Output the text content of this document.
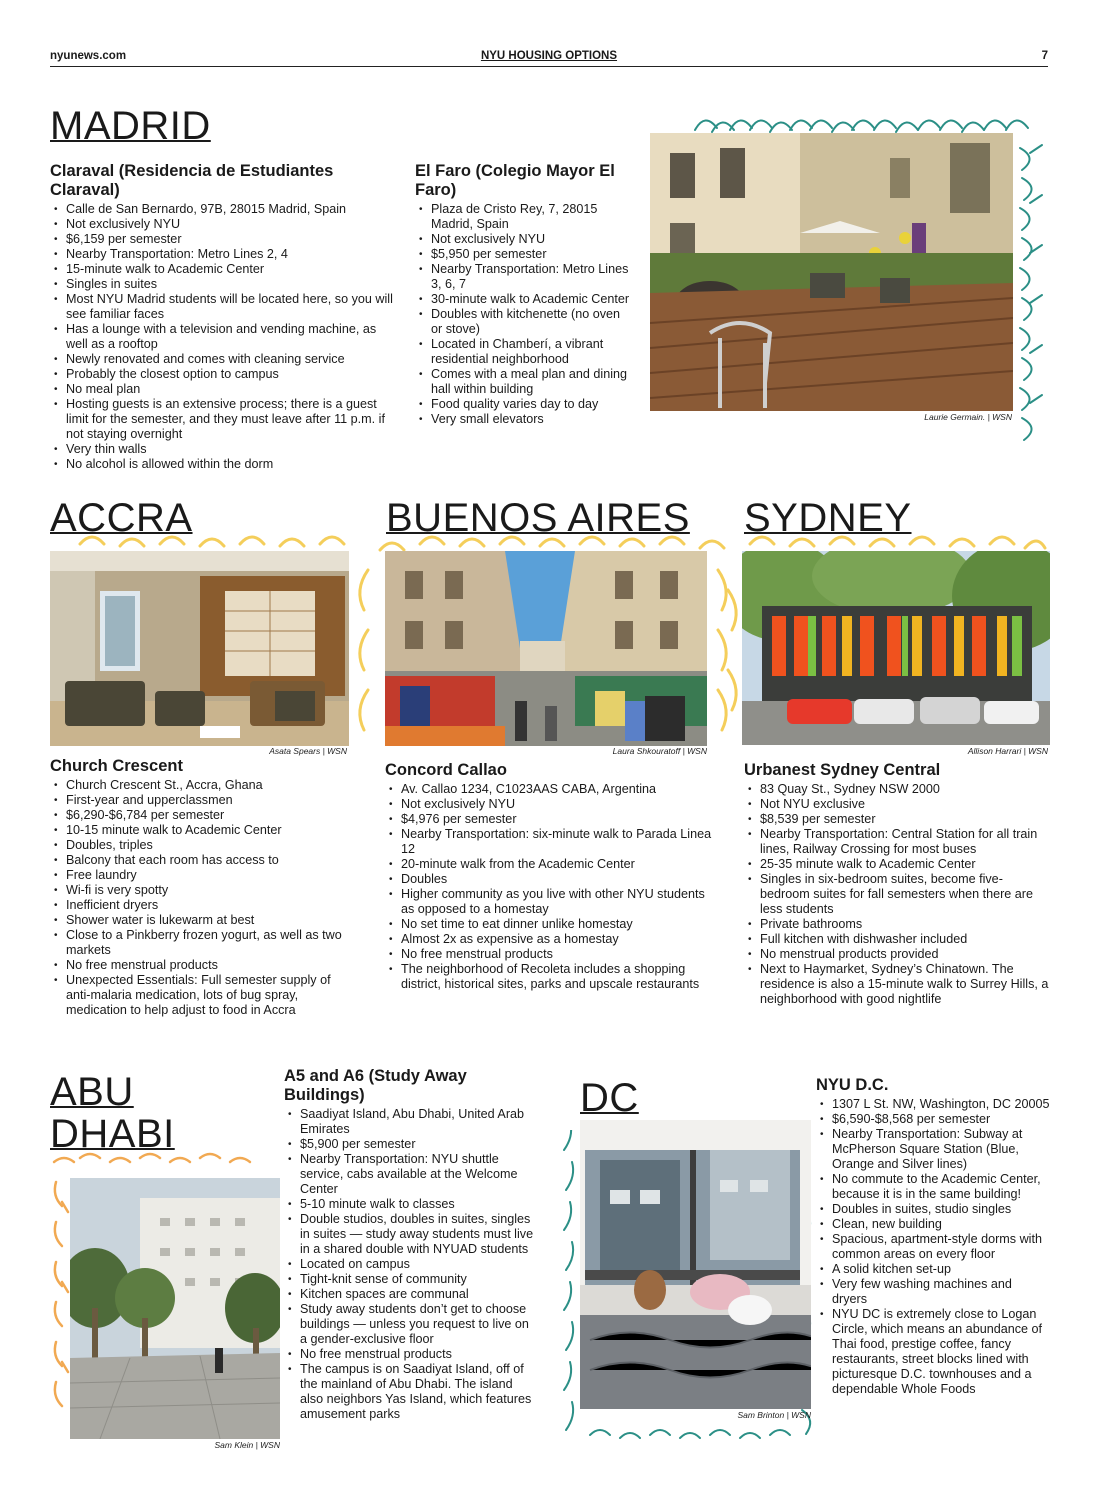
nyunews.com	NYU HOUSING OPTIONS	7
MADRID
Claraval (Residencia de Estudiantes Claraval)
• Calle de San Bernardo, 97B, 28015 Madrid, Spain
• Not exclusively NYU
• $6,159 per semester
• Nearby Transportation: Metro Lines 2, 4
• 15-minute walk to Academic Center
• Singles in suites
• Most NYU Madrid students will be located here, so you will see familiar faces
• Has a lounge with a television and vending machine, as well as a rooftop
• Newly renovated and comes with cleaning service
• Probably the closest option to campus
• No meal plan
• Hosting guests is an extensive process; there is a guest limit for the semester, and they must leave after 11 p.m. if not staying overnight
• Very thin walls
• No alcohol is allowed within the dorm
El Faro (Colegio Mayor El Faro)
• Plaza de Cristo Rey, 7, 28015 Madrid, Spain
• Not exclusively NYU
• $5,950 per semester
• Nearby Transportation: Metro Lines 3, 6, 7
• 30-minute walk to Academic Center
• Doubles with kitchenette (no oven or stove)
• Located in Chamberí, a vibrant residential neighborhood
• Comes with a meal plan and dining hall within building
• Food quality varies day to day
• Very small elevators	Laurie Germain. | WSN
ACCRA
Asata Spears | WSN
Church Crescent
• Church Crescent St., Accra, Ghana
• First-year and upperclassmen
• $6,290-$6,784 per semester
• 10-15 minute walk to Academic Center
• Doubles, triples
• Balcony that each room has access to
• Free laundry
• Wi-fi is very spotty
• Inefficient dryers
• Shower water is lukewarm at best
• Close to a Pinkberry frozen yogurt, as well as two markets
• No free menstrual products
• Unexpected Essentials: Full semester supply of anti-malaria medication, lots of bug spray, medication to help adjust to food in Accra
BUENOS AIRES
Laura Shkouratoff | WSN
Concord Callao
• Av. Callao 1234, C1023AAS CABA, Argentina
• Not exclusively NYU
• $4,976 per semester
• Nearby Transportation: six-minute walk to Parada Linea 12
• 20-minute walk from the Academic Center
• Doubles
• Higher community as you live with other NYU students as opposed to a homestay
• No set time to eat dinner unlike homestay
• Almost 2x as expensive as a homestay
• No free menstrual products
• The neighborhood of Recoleta includes a shopping district, historical sites, parks and upscale restaurants
SYDNEY
Allison Harrari | WSN
Urbanest Sydney Central
• 83 Quay St., Sydney NSW 2000
• Not NYU exclusive
• $8,539 per semester
• Nearby Transportation: Central Station for all train lines, Railway Crossing for most buses
• 25-35 minute walk to Academic Center
• Singles in six-bedroom suites, become five-bedroom suites for fall semesters when there are less students
• Private bathrooms
• Full kitchen with dishwasher included
• No menstrual products provided
• Next to Haymarket, Sydney’s Chinatown. The residence is also a 15-minute walk to Surrey Hills, a neighborhood with good nightlife
ABU
DHABI
Sam Klein | WSN
A5 and A6 (Study Away Buildings)
• Saadiyat Island, Abu Dhabi, United Arab Emirates
• $5,900 per semester
• Nearby Transportation: NYU shuttle service, cabs available at the Welcome Center
• 5-10 minute walk to classes
• Double studios, doubles in suites, singles in suites — study away students must live in a shared double with NYUAD students
• Located on campus
• Tight-knit sense of community
• Kitchen spaces are communal
• Study away students don’t get to choose buildings — unless you request to live on a gender-exclusive floor
• No free menstrual products
• The campus is on Saadiyat Island, off of the mainland of Abu Dhabi. The island also neighbors Yas Island, which features amusement parks
DC
Sam Brinton | WSN
NYU D.C.
• 1307 L St. NW, Washington, DC 20005
• $6,590-$8,568 per semester
• Nearby Transportation: Subway at McPherson Square Station (Blue, Orange and Silver lines)
• No commute to the Academic Center, because it is in the same building!
• Doubles in suites, studio singles
• Clean, new building
• Spacious, apartment-style dorms with common areas on every floor
• A solid kitchen set-up
• Very few washing machines and dryers
• NYU DC is extremely close to Logan Circle, which means an abundance of Thai food, prestige coffee, fancy restaurants, street blocks lined with picturesque D.C. townhouses and a dependable Whole Foods
